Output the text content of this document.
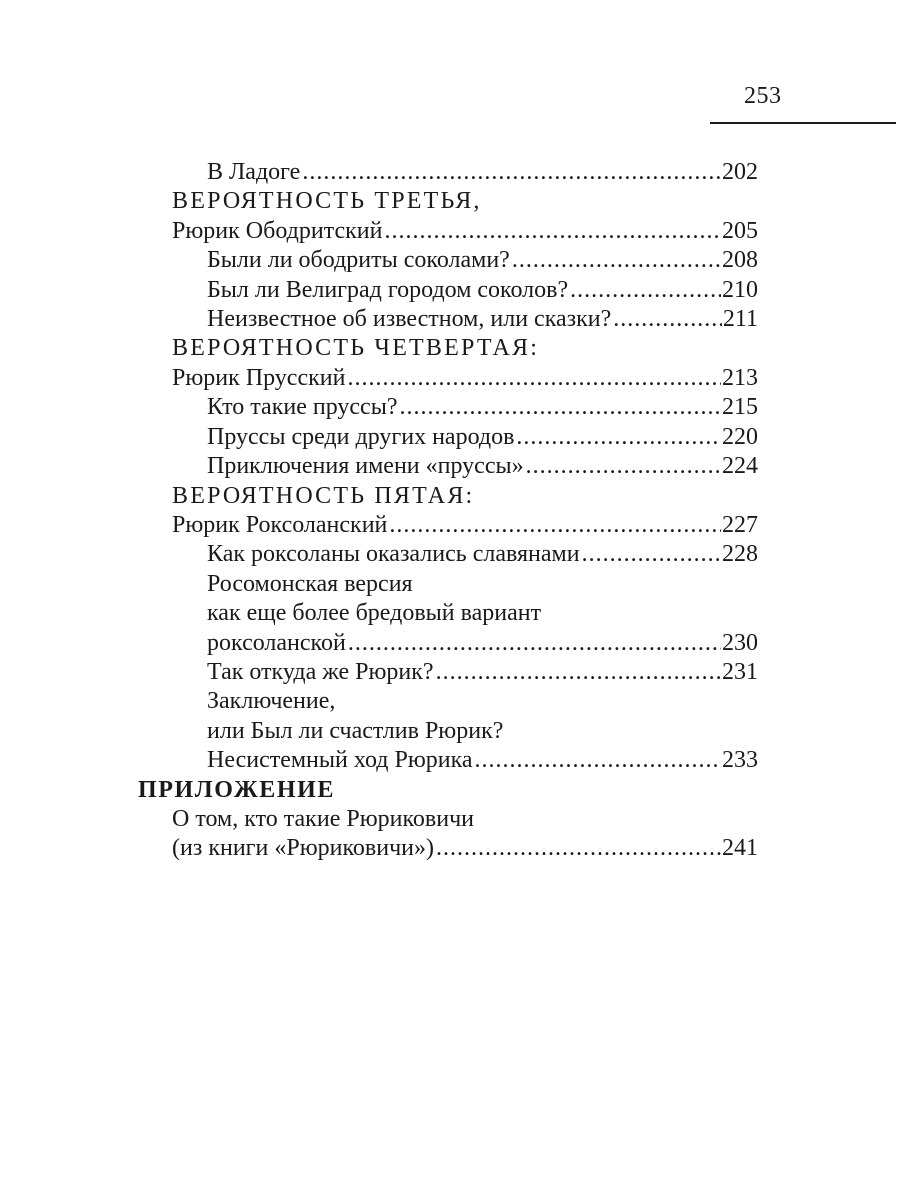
253
В Ладоге .....	202
ВЕРОЯТНОСТЬ ТРЕТЬЯ,
Рюрик Ободритский .....	205
Были ли ободриты соколами? .....	208
Был ли Велиград городом соколов? .....	210
Неизвестное об известном, или сказки? .....	211
ВЕРОЯТНОСТЬ ЧЕТВЕРТАЯ:
Рюрик Прусский .....	213
Кто такие пруссы? .....	215
Пруссы среди других народов .....	220
Приключения имени «пруссы» .....	224
ВЕРОЯТНОСТЬ ПЯТАЯ:
Рюрик Роксоланский .....	227
Как роксоланы оказались славянами .....	228
Росомонская версия
как еще более бредовый вариант
роксоланской .....	230
Так откуда же Рюрик? .....	231
Заключение,
или Был ли счастлив Рюрик?
Несистемный ход Рюрика .....	233
ПРИЛОЖЕНИЕ
О том, кто такие Рюриковичи
(из книги «Рюриковичи») .....	241
